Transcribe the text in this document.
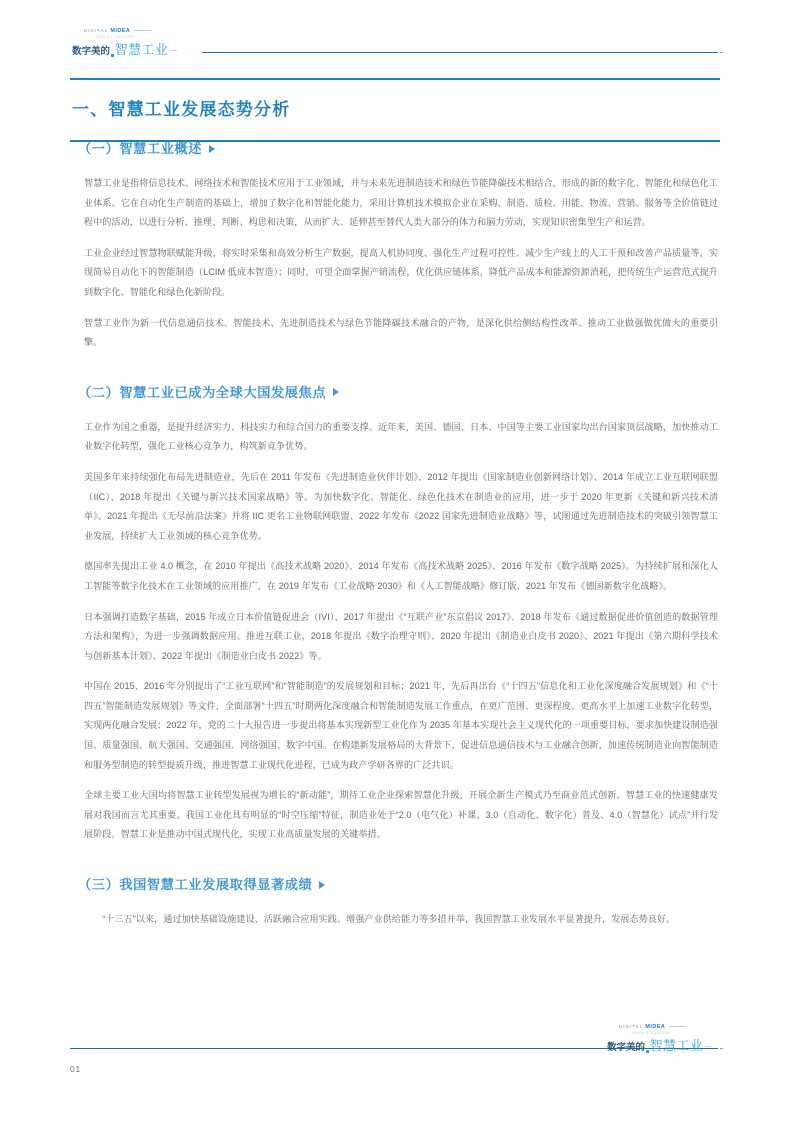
DIGITAL MIDEA
MIDEA'S INDUSTRY
数字美的 智慧工业
一、智慧工业发展态势分析
（一）智慧工业概述

智慧工业是指将信息技术、网络技术和智能技术应用于工业领域，并与未来先进制造技术和绿色节能降碳技术相结合，形成的新的数字化、智能化和绿色化工业体系。它在自动化生产制造的基础上，增加了数字化和智能化能力，采用计算机技术模拟企业在采购、制造、质检、用能、物流、营销、服务等全价值链过程中的活动，以进行分析、推理、判断、构思和决策，从而扩大、延伸甚至替代人类大部分的体力和脑力劳动，实现知识密集型生产和运营。

工业企业经过智慧物联赋能升级，将实时采集和高效分析生产数据，提高人机协同度、强化生产过程可控性、减少生产线上的人工干预和改善产品质量等，实现简易自动化下的智能制造（LCIM 低成本智造）；同时，可望全面掌握产销流程，优化供应链体系，降低产品成本和能源资源消耗，把传统生产运营范式提升到数字化、智能化和绿色化新阶段。

智慧工业作为新一代信息通信技术、智能技术、先进制造技术与绿色节能降碳技术融合的产物，是深化供给侧结构性改革、推动工业做强做优做大的重要引擎。

（二）智慧工业已成为全球大国发展焦点

工业作为国之重器，是提升经济实力、科技实力和综合国力的重要支撑。近年来，美国、德国、日本、中国等主要工业国家均出台国家顶层战略，加快推动工业数字化转型，强化工业核心竞争力，构筑新竞争优势。

美国多年来持续强化布局先进制造业，先后在 2011 年发布《先进制造业伙伴计划》、2012 年提出《国家制造业创新网络计划》、2014 年成立工业互联网联盟（IIC）、2018 年提出《关键与新兴技术国家战略》等。为加快数字化、智能化、绿色化技术在制造业的应用，进一步于 2020 年更新《关键和新兴技术清单》、2021 年提出《无尽前沿法案》并将 IIC 更名工业物联网联盟、2022 年发布《2022 国家先进制造业战略》等，试图通过先进制造技术的突破引领智慧工业发展，持续扩大工业领域的核心竞争优势。

德国率先提出工业 4.0 概念，在 2010 年提出《高技术战略 2020》、2014 年发布《高技术战略 2025》、2016 年发布《数字战略 2025》。为持续扩展和深化人工智能等数字化技术在工业领域的应用推广，在 2019 年发布《工业战略 2030》和《人工智能战略》修订版、2021 年发布《德国新数字化战略》。

日本强调打造数字基础，2015 年成立日本价值链促进会（IVI）、2017 年提出《“互联产业”东京倡议 2017》、2018 年发布《通过数据促进价值创造的数据管理方法和架构》，为进一步强调数据应用、推进互联工业，2018 年提出《数字治理守则》、2020 年提出《制造业白皮书 2020》、2021 年提出《第六期科学技术与创新基本计划》、2022 年提出《制造业白皮书 2022》等。

中国在 2015、2016 年分别提出了“工业互联网”和“智能制造”的发展规划和目标；2021 年，先后再出台《“十四五”信息化和工业化深度融合发展规划》和《“十四五”智能制造发展规划》等文件，全面部署“十四五”时期两化深度融合和智能制造发展工作重点，在更广范围、更深程度、更高水平上加速工业数字化转型，实现两化融合发展；2022 年，党的二十大报告进一步提出将基本实现新型工业化作为 2035 年基本实现社会主义现代化的一项重要目标，要求加快建设制造强国、质量强国、航天强国、交通强国、网络强国、数字中国。在构建新发展格局的大背景下，促进信息通信技术与工业融合创新，加速传统制造业向智能制造和服务型制造的转型提质升级，推进智慧工业现代化进程，已成为政产学研各界的广泛共识。

全球主要工业大国均将智慧工业转型发展视为增长的“新动能”，期待工业企业探索智慧化升级，开展全新生产模式乃至商业范式创新。智慧工业的快速健康发展对我国而言尤其重要。我国工业化具有明显的“时空压缩”特征，制造业处于“2.0（电气化）补课、3.0（自动化、数字化）普及、4.0（智慧化）试点”并行发展阶段。智慧工业是推动中国式现代化，实现工业高质量发展的关键举措。

（三）我国智慧工业发展取得显著成绩

“十三五”以来，通过加快基础设施建设、活跃融合应用实践、增强产业供给能力等多措并举，我国智慧工业发展水平显著提升，发展态势良好。

DIGITAL MIDEA
MIDEA'S INDUSTRY
数字美的 智慧工业
01
